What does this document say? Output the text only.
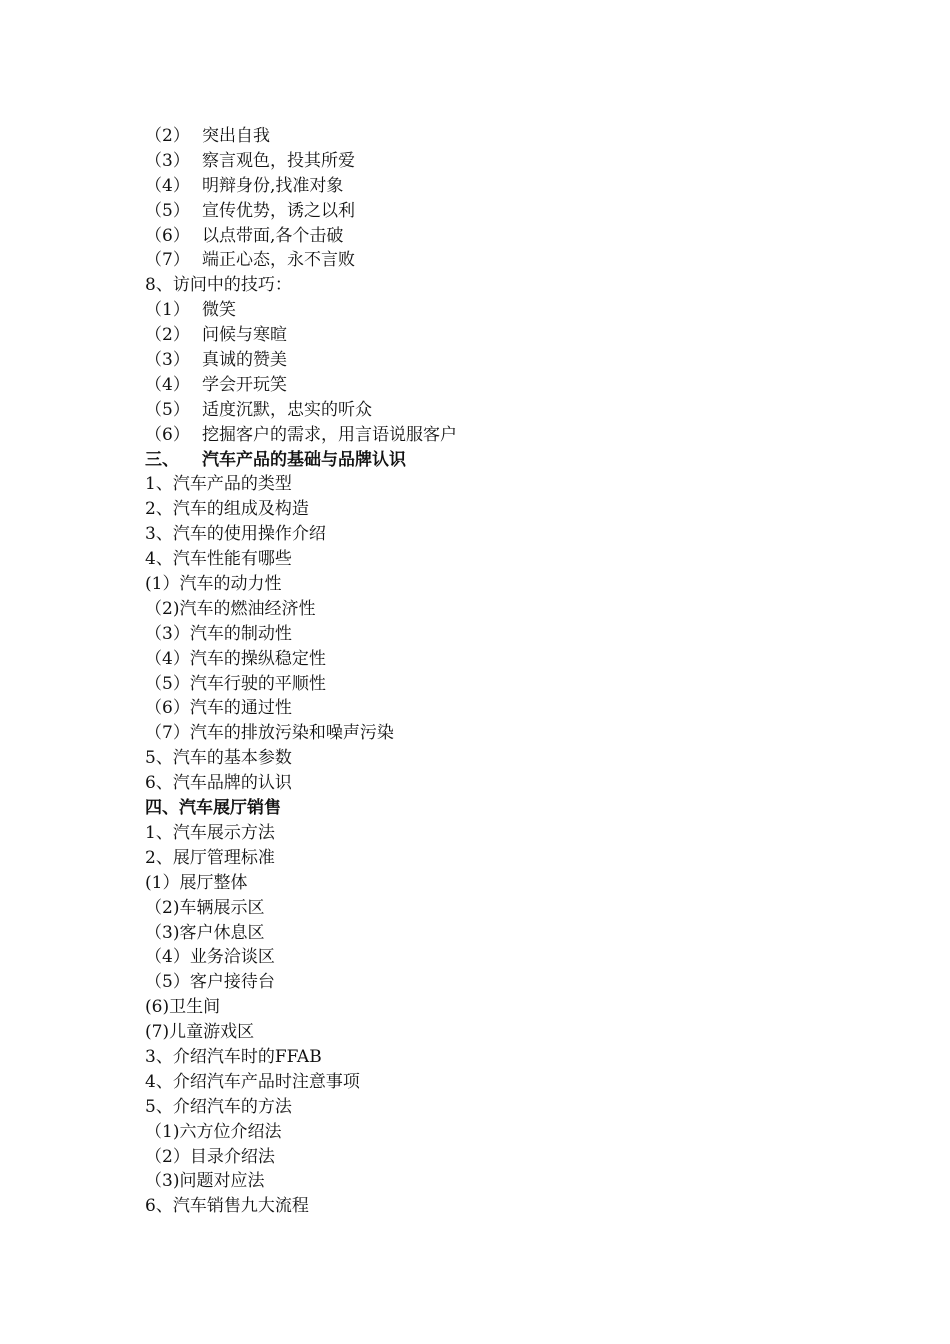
（2） 突出自我
（3） 察言观色，投其所爱
（4） 明辩身份,找准对象
（5） 宣传优势，诱之以利
（6） 以点带面,各个击破
（7） 端正心态，永不言败
8、访问中的技巧：
（1） 微笑
（2） 问候与寒暄
（3） 真诚的赞美
（4） 学会开玩笑
（5） 适度沉默，忠实的听众
（6） 挖掘客户的需求，用言语说服客户
三、 汽车产品的基础与品牌认识
1、汽车产品的类型
2、汽车的组成及构造
3、汽车的使用操作介绍
4、汽车性能有哪些
(1）汽车的动力性
（2)汽车的燃油经济性
（3）汽车的制动性
（4）汽车的操纵稳定性
（5）汽车行驶的平顺性
（6）汽车的通过性
（7）汽车的排放污染和噪声污染
5、汽车的基本参数
6、汽车品牌的认识
四、汽车展厅销售
1、汽车展示方法
2、展厅管理标准
(1）展厅整体
（2)车辆展示区
（3)客户休息区
（4）业务洽谈区
（5）客户接待台
(6)卫生间
(7)儿童游戏区
3、介绍汽车时的FFAB
4、介绍汽车产品时注意事项
5、介绍汽车的方法
（1)六方位介绍法
（2）目录介绍法
（3)问题对应法
6、汽车销售九大流程
